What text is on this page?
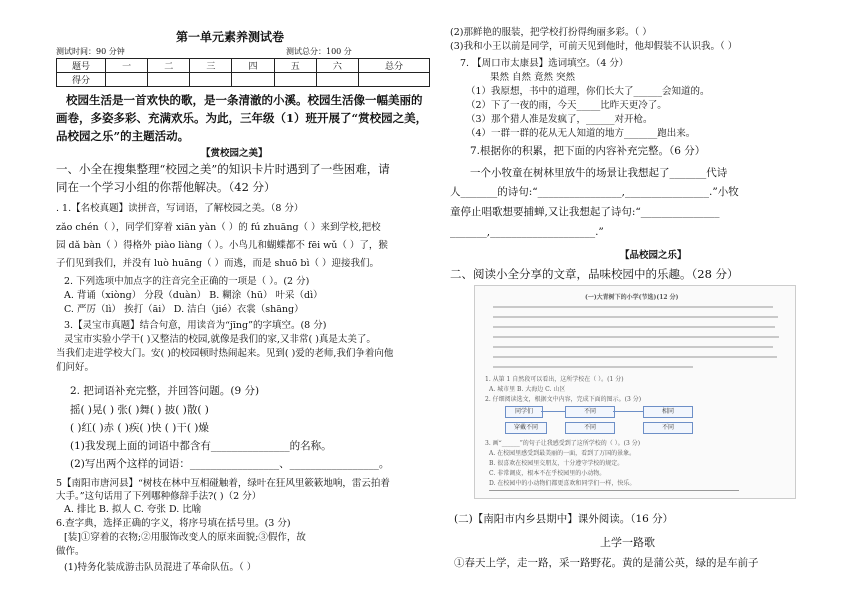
第一单元素养测试卷
测试时间：90 分钟	测试总分：100 分
题号	一	二	三	四	五	六	总分
得分							
校园生活是一首欢快的歌，是一条清澈的小溪。校园生活像一幅美丽的
画卷，多姿多彩、充满欢乐。为此，三年级（1）班开展了“赏校园之美，
品校园之乐”的主题活动。
【赏校园之美】
一、小全在搜集整理“校园之美”的知识卡片时遇到了一些困难，请
同在一个学习小组的你帮他解决。（42 分）
. 1.【名校真题】读拼音，写词语，了解校园之美。（8 分）
zǎo chén（ ），同学们穿着 xiān yàn（ ）的 fú zhuāng（ ）来到学校,把校
园 dǎ bàn（ ）得格外 piào liàng（ ）。小鸟儿和蝴蝶都不 fēi wǔ（ ）了，猴
子们见到我们，并没有 luò huāng（ ）而逃，而是 shuō bì（ ）迎接我们。
2. 下列选项中加点字的注音完全正确的一项是（ ）。(2 分)
A. 背诵（xiòng） 分段（duàn） B. 糊涂（hū） 叶采（dì）
C. 严厉（lì） 挨打（āi） D. 洁白（jié）衣裳（shāng）
3.【灵宝市真题】结合句意，用读音为“jīng”的字填空。(8 分)
灵宝市实验小学干( )又整洁的校园,就像是我们的家,又非常( )真是太美了。
当我们走进学校大门。安( )的校园顿时热闹起来。见到( )爱的老师,我们争着向他
们问好。
2. 把词语补充完整，并回答问题。(9 分)
摇( )晃( ) 张( )舞( ) 披( )散( )
( )红( )赤 ( )疾( )快 ( )干( )燥
(1)我发现上面的词语中都含有_______________的名称。
(2)写出两个这样的词语：_________________、_________________。
5【南阳市唐河县】“树枝在林中互相碰触着，绿叶在狂风里簌簌地响，雷云拍着
大手。”这句话用了下列哪种修辞手法?( )（2 分）
A. 排比 B. 拟人 C. 夸张 D. 比喻
6.查字典，选择正确的字义，将序号填在括号里。(3 分)
[装]①穿着的衣物;②用服饰改变人的原来面貌;③假作，故
做作。
(1)特务化装成游击队员混进了革命队伍。（ ）
(2)那鲜艳的服装，把学校打扮得绚丽多彩。（ ）
(3)我和小王以前是同学，可前天见到他时，他却假装不认识我。（ ）
7. 【周口市太康县】选词填空。（4 分）
果然 自然 竟然 突然
（1）我原想，书中的道理，你们长大了______会知道的。
（2）下了一夜的雨，今天_____比昨天更冷了。
（3）那个猎人准是发疯了，______对开枪。
（4）一群一群的花从无人知道的地方_______跑出来。
7.根据你的积累，把下面的内容补充完整。（6 分）
一个小牧童在树林里放牛的场景让我想起了_______代诗
人_______的诗句:“________________,________________.”小牧
童停止唱歌想要捕蝉,又让我想起了诗句:“_______________
_______,____________________.”
【品校园之乐】
二、阅读小全分享的文章，品味校园中的乐趣。（28 分）
(一)大青树下的小学(节选)(12 分)
1. 从第 1 自然段可以看出，这所学校在（ ）。(1 分)
A. 城市里 B. 大海边 C. 山区
2. 仔细阅读选文，根据文中内容，完成下面的图示。(3 分)
同学们	不同	相同
穿戴不同	不同	不同
3. 画“______”的句子让我感受到了这所学校的（ ）。(3 分)
A. 在校园里感受到最美丽的一面，看到了万国的景象。
B. 很喜欢在校园里交朋友，十分遵守学校的规定。
C. 非常调皮，根本不在乎校园里的小动物。
D. 在校园中的小动物们都更喜欢和同学们一样，快乐。
(二)【南阳市内乡县期中】课外阅读。（16 分）
上学一路歌
①春天上学，走一路，采一路野花。黄的是蒲公英，绿的是车前子
